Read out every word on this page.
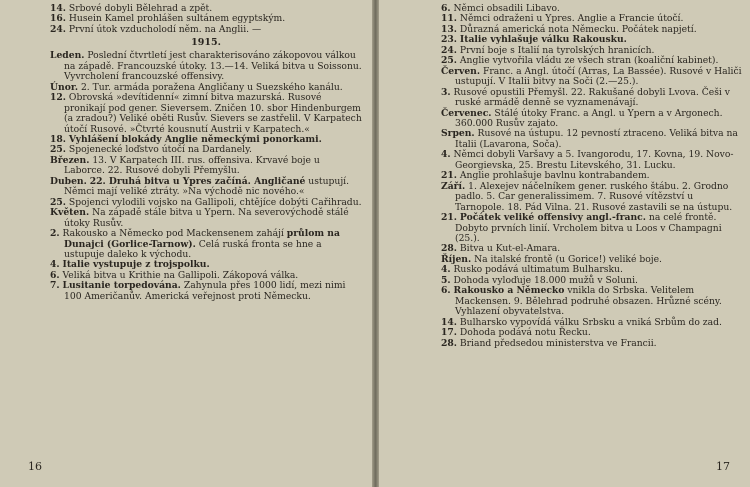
14. Srbové dobyli Bělehrad a zpět.

16. Husein Kamel prohlášen sultánem egyptským.

24. První útok vzducholodí něm. na Anglii. —

1915.

Leden. Poslední čtvrtletí jest charakterisováno zákopovou válkou na západě. Francouzské útoky. 13.—14. Veliká bitva u Soissonu. Vyvrcholení francouzské offensivy.

Únor. 2. Tur. armáda poražena Angličany u Suezského kanálu.

12. Obrovská »devítidenní« zimní bitva mazurská. Rusové pronikají pod gener. Sieversem. Zničen 10. sbor Hindenburgem (a zradou?) Veliké oběti Rusův. Sievers se zastřelil. V Karpatech útočí Rusové. »Čtvrté kousnutí Austrii v Karpatech.«

18. Vyhlášení blokády Anglie německými ponorkami.

25. Spojenecké loďstvo útočí na Dardanely.

Březen. 13. V Karpatech III. rus. offensiva. Krvavé boje u Laborce. 22. Rusové dobyli Přemyšlu.

Duben. 22. Druhá bitva u Ypres začíná. Angličané ustupují. Němci mají veliké ztráty. »Na východě nic nového.«

25. Spojenci vylodili vojsko na Gallipoli, chtějíce dobýti Cařihradu.

Květen. Na západě stále bitva u Ypern. Na severovýchodě stálé útoky Rusův.

2. Rakousko a Německo pod Mackensenem zahájí průlom na Dunajci (Gorlice-Tarnow). Celá ruská fronta se hne a ustupuje daleko k východu.

4. Italie vystupuje z trojspolku.

6. Veliká bitva u Krithie na Gallipoli. Zákopová válka.

7. Lusitanie torpedována. Zahynula přes 1000 lidí, mezi nimi 100 Američanův. Americká veřejnost proti Německu.

16

6. Němci obsadili Libavo.

11. Němci odraženi u Ypres. Anglie a Francie útočí.

13. Důrazná americká nota Německu. Počátek napjetí.

23. Italie vyhlašuje válku Rakousku.

24. První boje s Italií na tyrolských hranicích.

25. Anglie vytvořila vládu ze všech stran (koaliční kabinet).

Červen. Franc. a Angl. útočí (Arras, La Bassée). Rusové v Haliči ustupují. V Italii bitvy na Soči (2.—25.).

3. Rusové opustili Přemyšl. 22. Rakušané dobyli Lvova. Češi v ruské armádě denně se vyznamenávají.

Červenec. Stálé útoky Franc. a Angl. u Ypern a v Argonech. 360.000 Rusův zajato.

Srpen. Rusové na ústupu. 12 pevností ztraceno. Veliká bitva na Italii (Lavarona, Soča).

4. Němci dobyli Varšavy a 5. Ivangorodu, 17. Kovna, 19. Novo-Georgievska, 25. Brestu Litevského, 31. Lucku.

21. Anglie prohlašuje bavlnu kontrabandem.

Září. 1. Alexejev náčelníkem gener. ruského štábu. 2. Grodno padlo. 5. Car generalissimem. 7. Rusové vítězství u Tarnopole. 18. Pád Vilna. 21. Rusové zastavili se na ústupu.

21. Počátek veliké offensivy angl.-franc. na celé frontě. Dobyto prvních linií. Vrcholem bitva u Loos v Champagni (25.).

28. Bitva u Kut-el-Amara.

Říjen. Na italské frontě (u Gorice!) veliké boje.

4. Rusko podává ultimatum Bulharsku.

5. Dohoda vyloďuje 18.000 mužů v Soluni.

6. Rakousko a Německo vnikla do Srbska. Velitelem Mackensen. 9. Bělehrad podruhé obsazen. Hrůzné scény. Vyhlazení obyvatelstva.

14. Bulharsko vypovídá válku Srbsku a vniká Srbům do zad.

17. Dohoda podává notu Řecku.

28. Briand předsedou ministerstva ve Francii.

17
